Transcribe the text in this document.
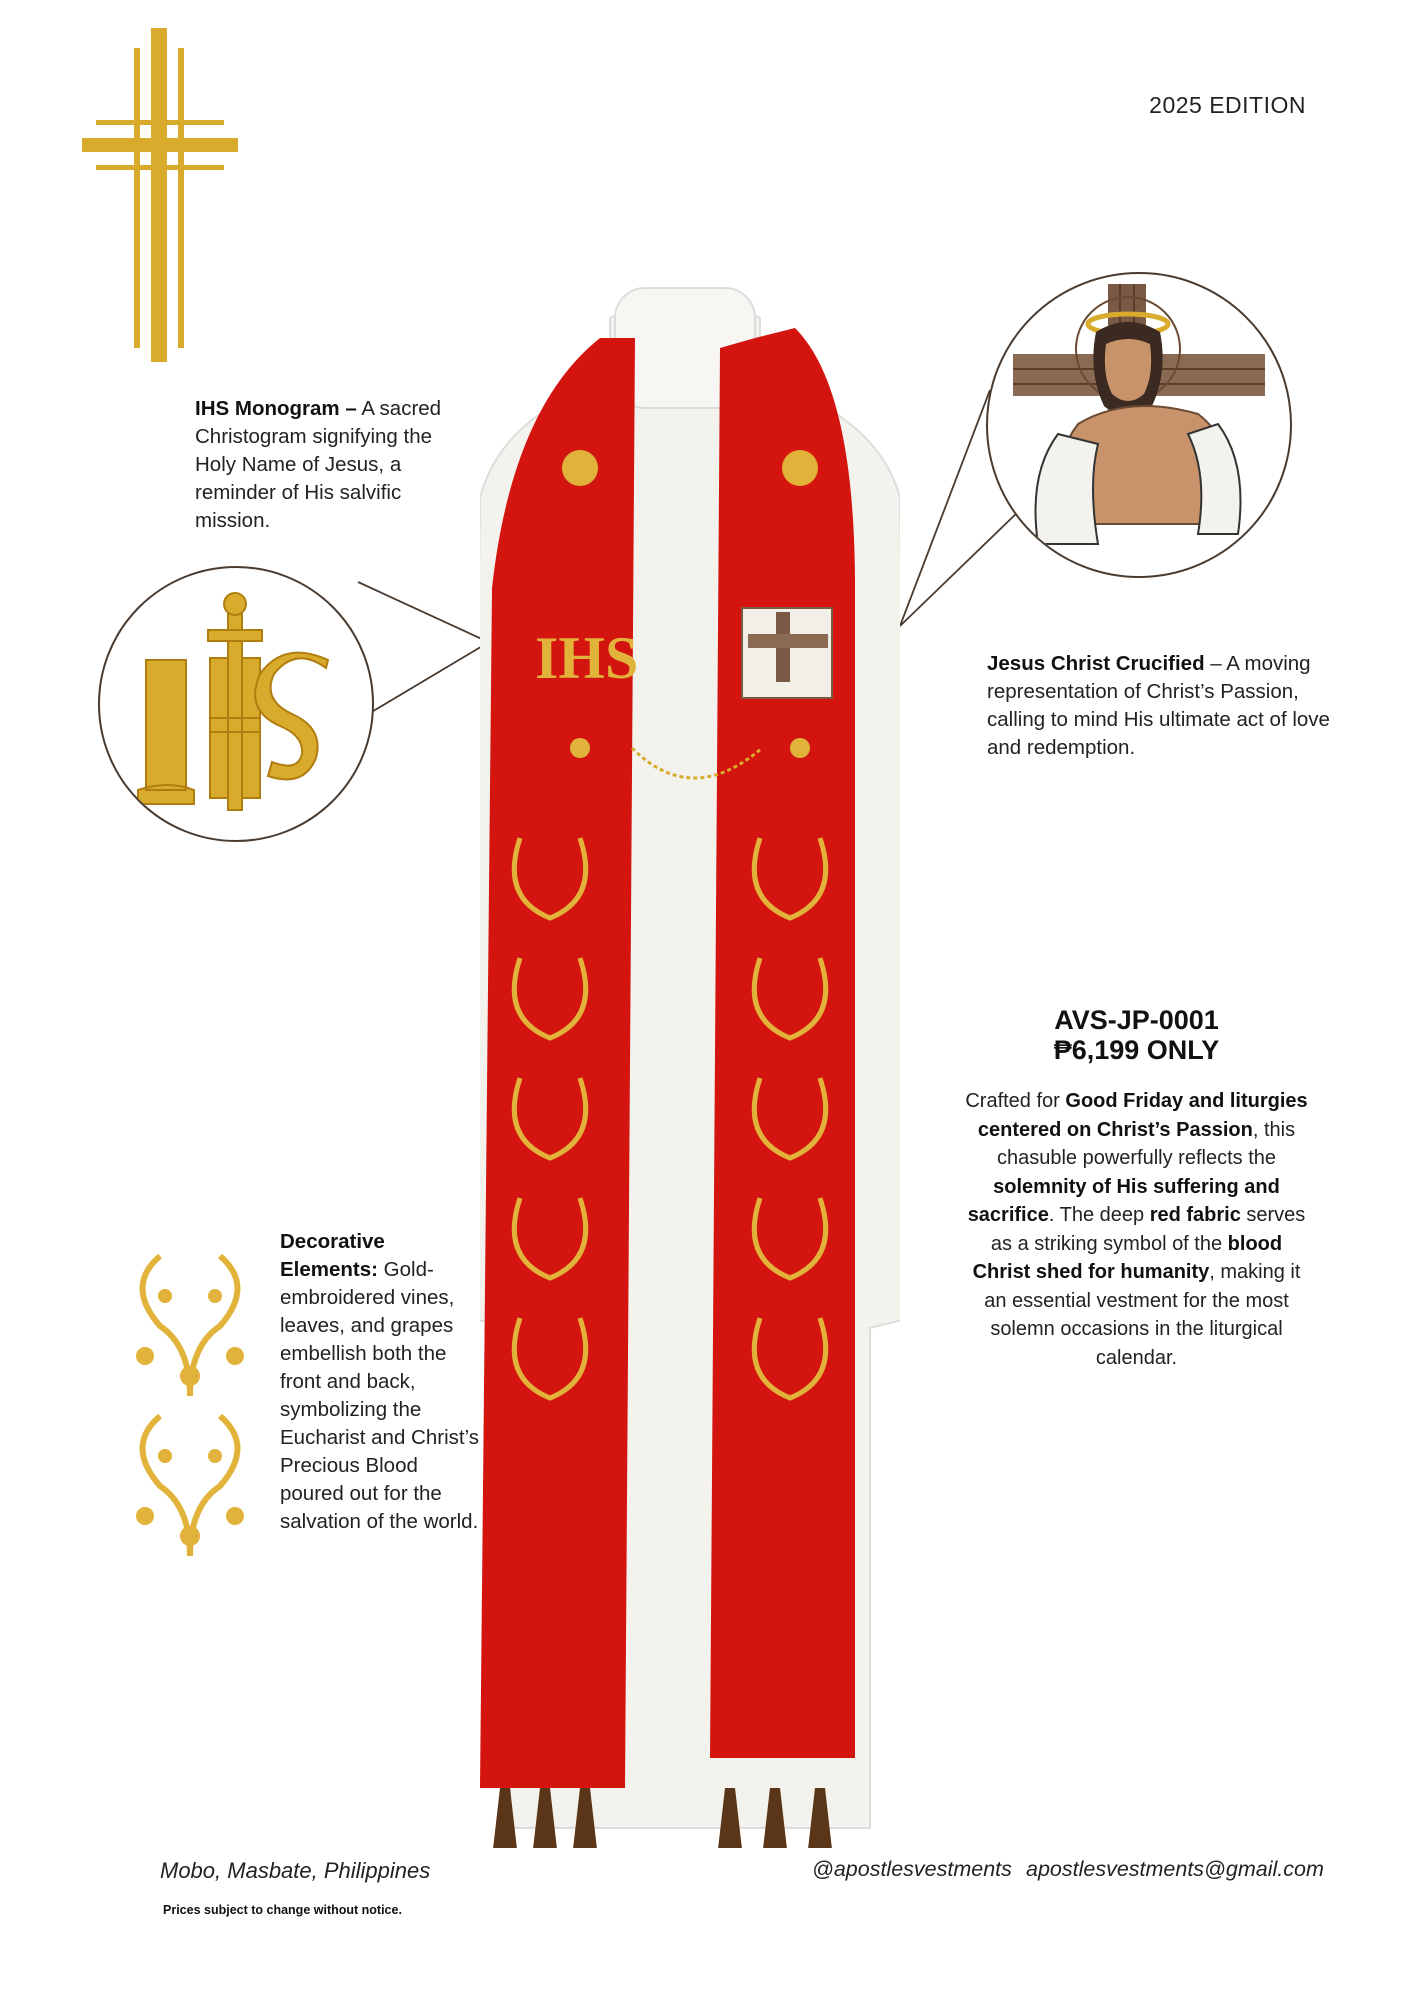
2025 EDITION
IHS Monogram – A sacred Christogram signifying the Holy Name of Jesus, a reminder of His salvific mission.
Jesus Christ Crucified – A moving representation of Christ’s Passion, calling to mind His ultimate act of love and redemption.
IHS
AVS-JP-0001
₱6,199 ONLY
Crafted for Good Friday and liturgies centered on Christ’s Passion, this chasuble powerfully reflects the solemnity of His suffering and sacrifice. The deep red fabric serves as a striking symbol of the blood Christ shed for humanity, making it an essential vestment for the most solemn occasions in the liturgical calendar.
Decorative Elements: Gold-embroidered vines, leaves, and grapes embellish both the front and back, symbolizing the Eucharist and Christ’s Precious Blood poured out for the salvation of the world.
Mobo, Masbate, Philippines
Prices subject to change without notice.
@apostlesvestments apostlesvestments@gmail.com
